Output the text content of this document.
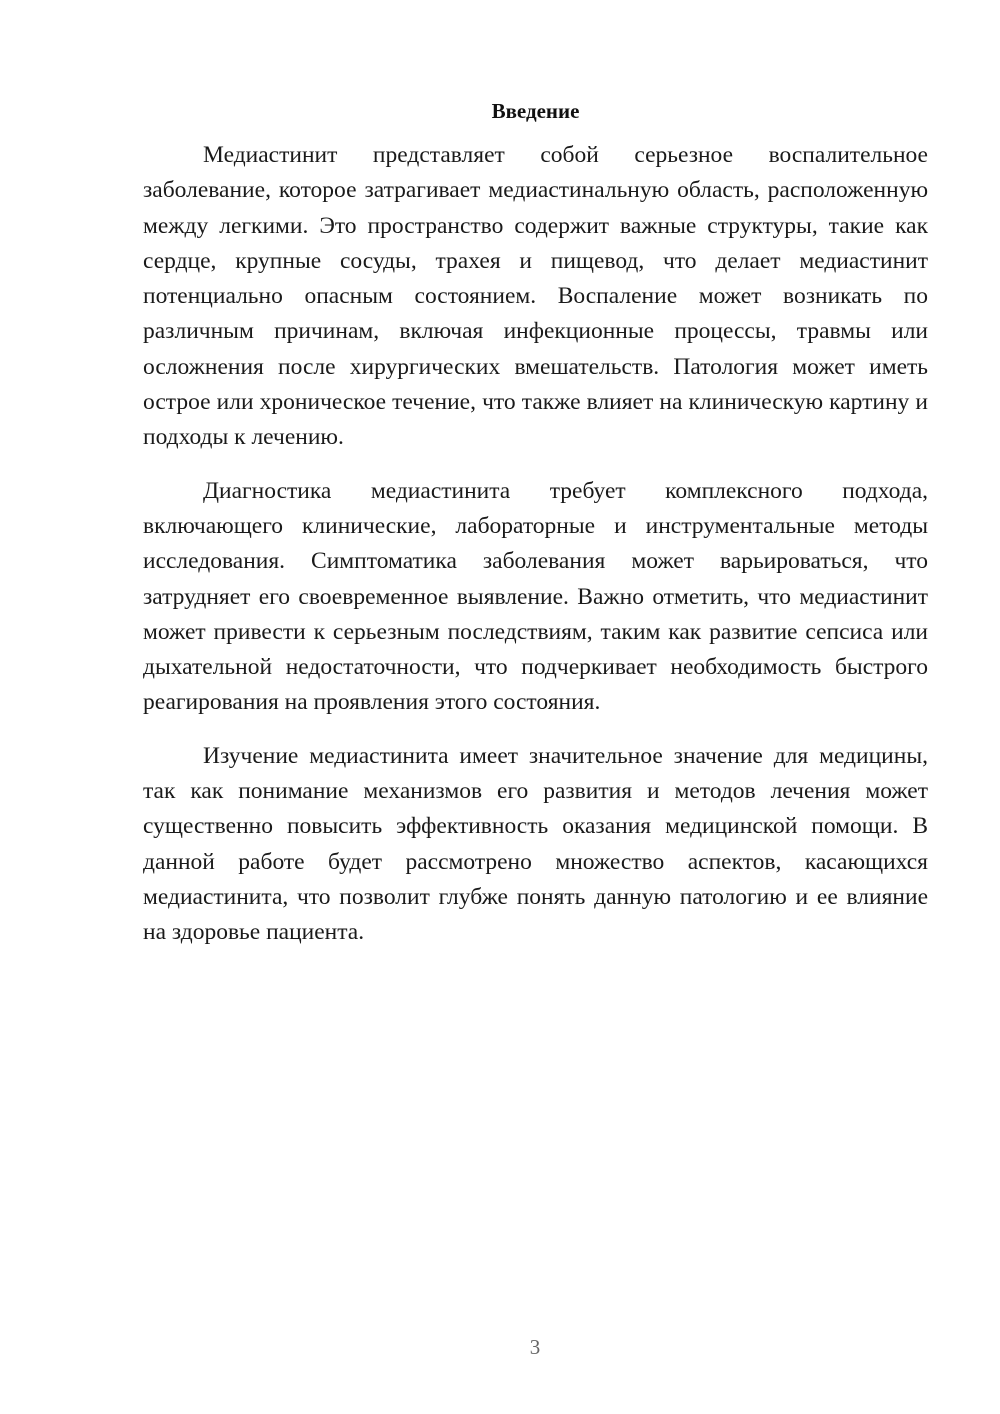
Введение

Медиастинит представляет собой серьезное воспалительное заболевание, которое затрагивает медиастинальную область, расположенную между легкими. Это пространство содержит важные структуры, такие как сердце, крупные сосуды, трахея и пищевод, что делает медиастинит потенциально опасным состоянием. Воспаление может возникать по различным причинам, включая инфекционные процессы, травмы или осложнения после хирургических вмешательств. Патология может иметь острое или хроническое течение, что также влияет на клиническую картину и подходы к лечению.

Диагностика медиастинита требует комплексного подхода, включающего клинические, лабораторные и инструментальные методы исследования. Симптоматика заболевания может варьироваться, что затрудняет его своевременное выявление. Важно отметить, что медиастинит может привести к серьезным последствиям, таким как развитие сепсиса или дыхательной недостаточности, что подчеркивает необходимость быстрого реагирования на проявления этого состояния.

Изучение медиастинита имеет значительное значение для медицины, так как понимание механизмов его развития и методов лечения может существенно повысить эффективность оказания медицинской помощи. В данной работе будет рассмотрено множество аспектов, касающихся медиастинита, что позволит глубже понять данную патологию и ее влияние на здоровье пациента.

3
